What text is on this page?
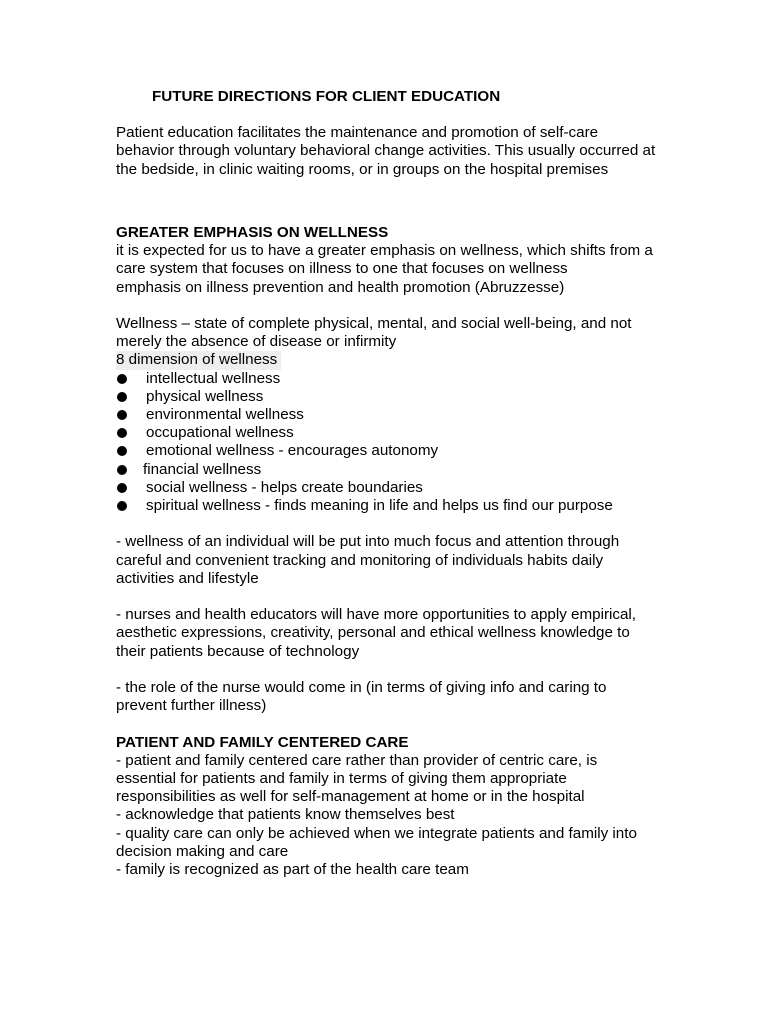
FUTURE DIRECTIONS FOR CLIENT EDUCATION

Patient education facilitates the maintenance and promotion of self-care behavior through voluntary behavioral change activities. This usually occurred at the bedside, in clinic waiting rooms, or in groups on the hospital premises

GREATER EMPHASIS ON WELLNESS

it is expected for us to have a greater emphasis on wellness, which shifts from a care system that focuses on illness to one that focuses on wellness

emphasis on illness prevention and health promotion (Abruzzesse)

Wellness – state of complete physical, mental, and social well-being, and not merely the absence of disease or infirmity

8 dimension of wellness

intellectual wellness
physical wellness
environmental wellness
occupational wellness
emotional wellness - encourages autonomy
financial wellness
social wellness - helps create boundaries
spiritual wellness - finds meaning in life and helps us find our purpose

- wellness of an individual will be put into much focus and attention through careful and convenient tracking and monitoring of individuals habits daily activities and lifestyle

- nurses and health educators will have more opportunities to apply empirical, aesthetic expressions, creativity, personal and ethical wellness knowledge to their patients because of technology

- the role of the nurse would come in (in terms of giving info and caring to prevent further illness)

PATIENT AND FAMILY CENTERED CARE

- patient and family centered care rather than provider of centric care, is essential for patients and family in terms of giving them appropriate responsibilities as well for self-management at home or in the hospital

- acknowledge that patients know themselves best

- quality care can only be achieved when we integrate patients and family into decision making and care

- family is recognized as part of the health care team
